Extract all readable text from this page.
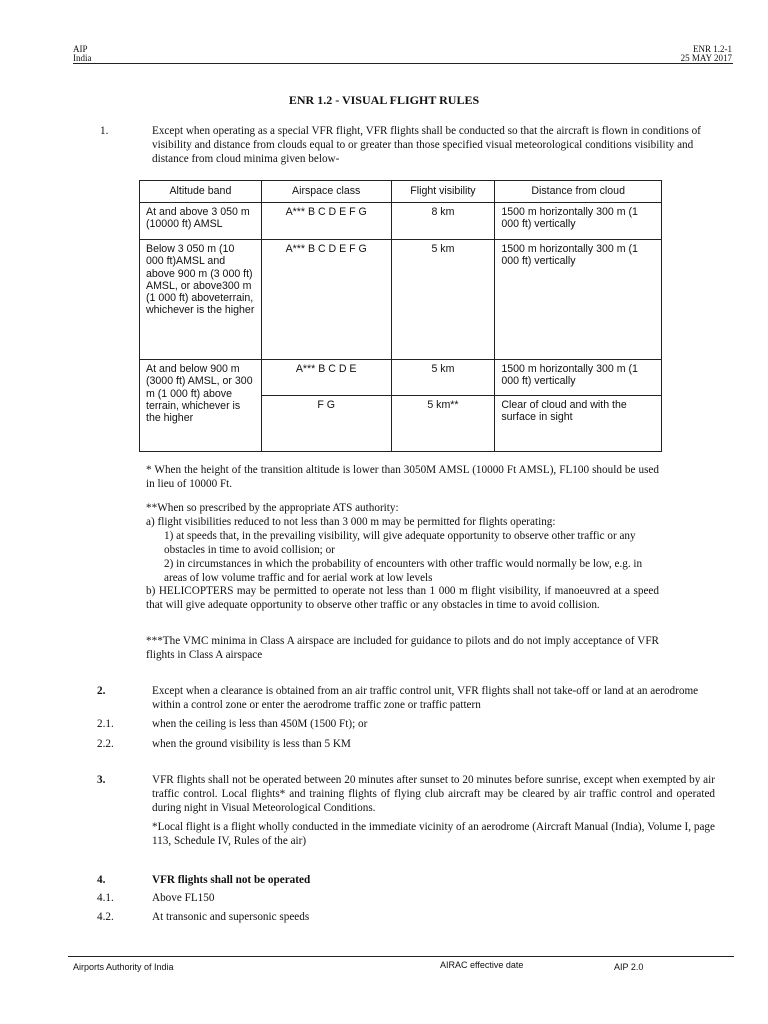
AIP
India
ENR 1.2-1
25 MAY 2017
ENR 1.2 - VISUAL FLIGHT RULES
1.	Except when operating as a special VFR flight, VFR flights shall be conducted so that the aircraft is flown in conditions of visibility and distance from clouds equal to or greater than those specified visual meteorological conditions visibility and distance from cloud minima given below-
Altitude band	Airspace class	Flight visibility	Distance from cloud
At and above 3 050 m (10000 ft) AMSL	A*** B C D E F G	8 km	1500 m horizontally 300 m (1 000 ft) vertically
Below 3 050 m (10 000 ft)AMSL and above 900 m (3 000 ft) AMSL, or above300 m (1 000 ft) aboveterrain, whichever is the higher	A*** B C D E F G	5 km	1500 m horizontally 300 m (1 000 ft) vertically
At and below 900 m (3000 ft) AMSL, or 300 m (1 000 ft) above terrain, whichever is the higher	A*** B C D E	5 km	1500 m horizontally 300 m (1 000 ft) vertically
	F G	5 km**	Clear of cloud and with the surface in sight
* When the height of the transition altitude is lower than 3050M AMSL (10000 Ft AMSL), FL100 should be used in lieu of 10000 Ft.
**When so prescribed by the appropriate ATS authority:
a) flight visibilities reduced to not less than 3 000 m may be permitted for flights operating:
1) at speeds that, in the prevailing visibility, will give adequate opportunity to observe other traffic or any obstacles in time to avoid collision; or
2) in circumstances in which the probability of encounters with other traffic would normally be low, e.g. in areas of low volume traffic and for aerial work at low levels
b) HELICOPTERS may be permitted to operate not less than 1 000 m flight visibility, if manoeuvred at a speed that will give adequate opportunity to observe other traffic or any obstacles in time to avoid collision.
***The VMC minima in Class A airspace are included for guidance to pilots and do not imply acceptance of VFR flights in Class A airspace
2.	Except when a clearance is obtained from an air traffic control unit, VFR flights shall not take-off or land at an aerodrome within a control zone or enter the aerodrome traffic zone or traffic pattern
2.1.	when the ceiling is less than 450M (1500 Ft); or
2.2.	when the ground visibility is less than 5 KM
3.	VFR flights shall not be operated between 20 minutes after sunset to 20 minutes before sunrise, except when exempted by air traffic control. Local flights* and training flights of flying club aircraft may be cleared by air traffic control and operated during night in Visual Meteorological Conditions.
*Local flight is a flight wholly conducted in the immediate vicinity of an aerodrome (Aircraft Manual (India), Volume I, page 113, Schedule IV, Rules of the air)
4.	VFR flights shall not be operated
4.1.	Above FL150
4.2.	At transonic and supersonic speeds
Airports Authority of India	AIRAC effective date	AIP 2.0
